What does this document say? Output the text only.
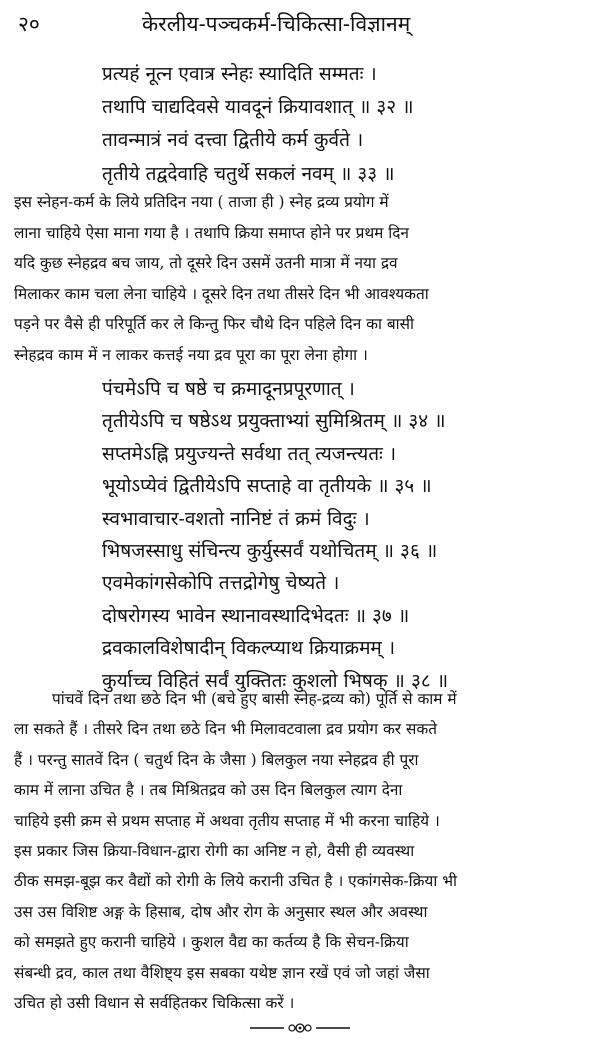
२०	केरलीय-पञ्चकर्म-चिकित्सा-विज्ञानम्
प्रत्यहं नूत्न एवात्र स्नेहः स्यादिति सम्मतः ।
तथापि चाद्यदिवसे यावदूनं क्रियावशात् ॥ ३२ ॥
तावन्मात्रं नवं दत्त्वा द्वितीये कर्म कुर्वते ।
तृतीये तद्वदेवाहि चतुर्थे सकलं नवम् ॥ ३३ ॥
इस स्नेहन-कर्म के लिये प्रतिदिन नया ( ताजा ही ) स्नेह द्रव्य प्रयोग में
लाना चाहिये ऐसा माना गया है । तथापि क्रिया समाप्त होने पर प्रथम दिन
यदि कुछ स्नेहद्रव बच जाय, तो दूसरे दिन उसमें उतनी मात्रा में नया द्रव
मिलाकर काम चला लेना चाहिये । दूसरे दिन तथा तीसरे दिन भी आवश्यकता
पड़ने पर वैसे ही परिपूर्ति कर ले किन्तु फिर चौथे दिन पहिले दिन का बासी
स्नेहद्रव काम में न लाकर कत्तई नया द्रव पूरा का पूरा लेना होगा ।
पंचमेऽपि च षष्ठे च क्रमादूनप्रपूरणात् ।
तृतीयेऽपि च षष्ठेऽथ प्रयुक्ताभ्यां सुमिश्रितम् ॥ ३४ ॥
सप्तमेऽह्नि प्रयुज्यन्ते सर्वथा तत् त्यजन्त्यतः ।
भूयोऽप्येवं द्वितीयेऽपि सप्ताहे वा तृतीयके ॥ ३५ ॥
स्वभावाचार-वशतो नानिष्टं तं क्रमं विदुः ।
भिषजस्साधु संचिन्त्य कुर्युस्सर्वं यथोचितम् ॥ ३६ ॥
एवमेकांगसेकोपि तत्तद्रोगेषु चेष्यते ।
दोषरोगस्य भावेन स्थानावस्थादिभेदतः ॥ ३७ ॥
द्रवकालविशेषादीन् विकल्प्याथ क्रियाक्रमम् ।
कुर्याच्च विहितं सर्वं युक्तितः कुशलो भिषक् ॥ ३८ ॥
पांचवें दिन तथा छठे दिन भी (बचे हुए बासी स्नेह-द्रव्य को) पूर्ति से काम में
ला सकते हैं । तीसरे दिन तथा छठे दिन भी मिलावटवाला द्रव प्रयोग कर सकते
हैं । परन्तु सातवें दिन ( चतुर्थ दिन के जैसा ) बिलकुल नया स्नेहद्रव ही पूरा
काम में लाना उचित है । तब मिश्रितद्रव को उस दिन बिलकुल त्याग देना
चाहिये इसी क्रम से प्रथम सप्ताह में अथवा तृतीय सप्ताह में भी करना चाहिये ।
इस प्रकार जिस क्रिया-विधान-द्वारा रोगी का अनिष्ट न हो, वैसी ही व्यवस्था
ठीक समझ-बूझ कर वैद्यों को रोगी के लिये करानी उचित है । एकांगसेक-क्रिया भी
उस उस विशिष्ट अङ्ग के हिसाब, दोष और रोग के अनुसार स्थल और अवस्था
को समझते हुए करानी चाहिये । कुशल वैद्य का कर्तव्य है कि सेचन-क्रिया
संबन्धी द्रव, काल तथा वैशिष्ट्य इस सबका यथेष्ट ज्ञान रखें एवं जो जहां जैसा
उचित हो उसी विधान से सर्वहितकर चिकित्सा करें ।
